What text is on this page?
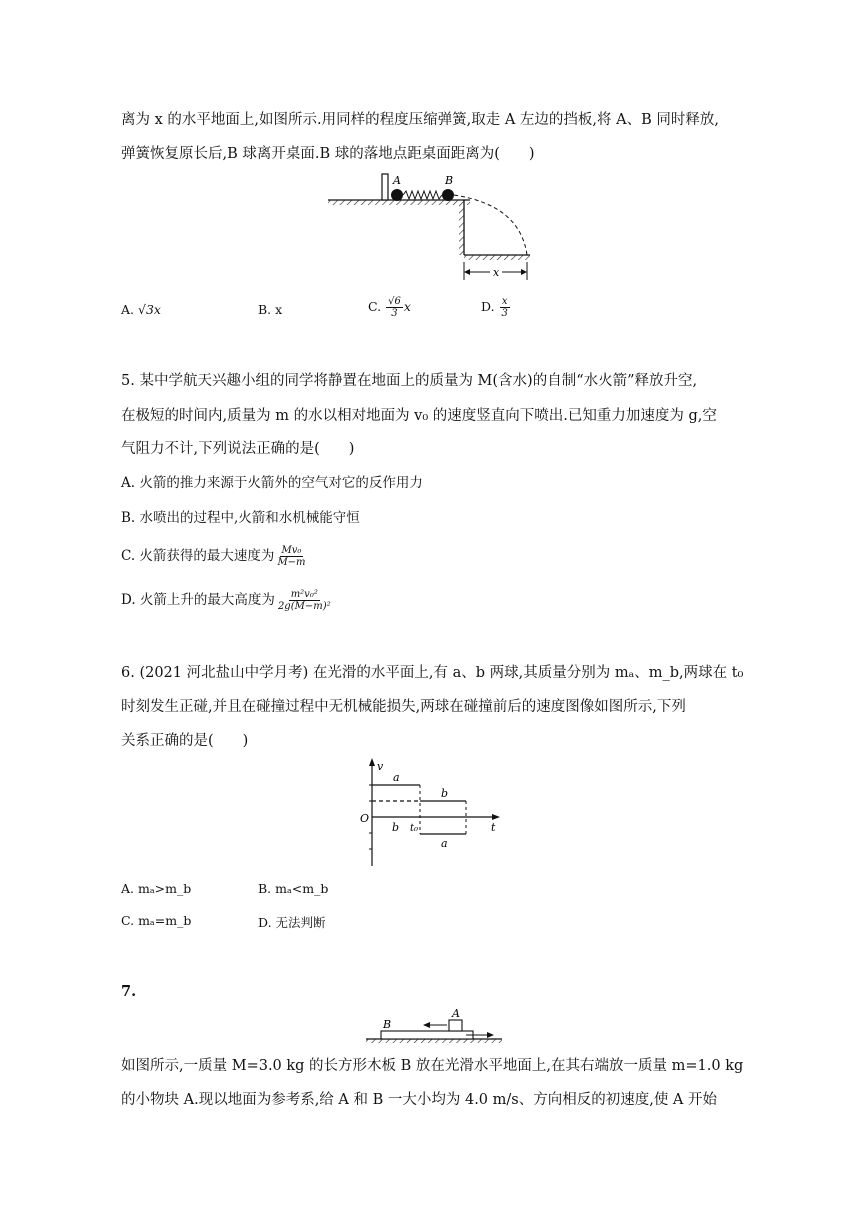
离为 x 的水平地面上,如图所示.用同样的程度压缩弹簧,取走 A 左边的挡板,将 A、B 同时释放,
弹簧恢复原长后,B 球离开桌面.B 球的落地点距桌面距离为(　　)
A	B
x
A. √3x	B. x	C. $\frac{√6}{3}$ x	D. $\frac{x}{3}$
5. 某中学航天兴趣小组的同学将静置在地面上的质量为 M(含水)的自制“水火箭”释放升空,
在极短的时间内,质量为 m 的水以相对地面为 v₀ 的速度竖直向下喷出.已知重力加速度为 g,空
气阻力不计,下列说法正确的是(　　)
A. 火箭的推力来源于火箭外的空气对它的反作用力
B. 水喷出的过程中,火箭和水机械能守恒
C. 火箭获得的最大速度为 $\frac{\text{Mv₀}}{M-m}$
D. 火箭上升的最大高度为 $\frac{\text{m²v₀²}}{\text{2g(M−m)²}}$
6. (2021 河北盐山中学月考) 在光滑的水平面上,有 a、b 两球,其质量分别为 mₐ、m_b,两球在 t₀
时刻发生正碰,并且在碰撞过程中无机械能损失,两球在碰撞前后的速度图像如图所示,下列
关系正确的是(　　)
v
t
O
t₀
a
b
b
a
A. mₐ>m_b	B. mₐ<m_b
C. mₐ=m_b	D. 无法判断
7.
A
B
如图所示,一质量 M=3.0 kg 的长方形木板 B 放在光滑水平地面上,在其右端放一质量 m=1.0 kg
的小物块 A.现以地面为参考系,给 A 和 B 一大小均为 4.0 m/s、方向相反的初速度,使 A 开始
